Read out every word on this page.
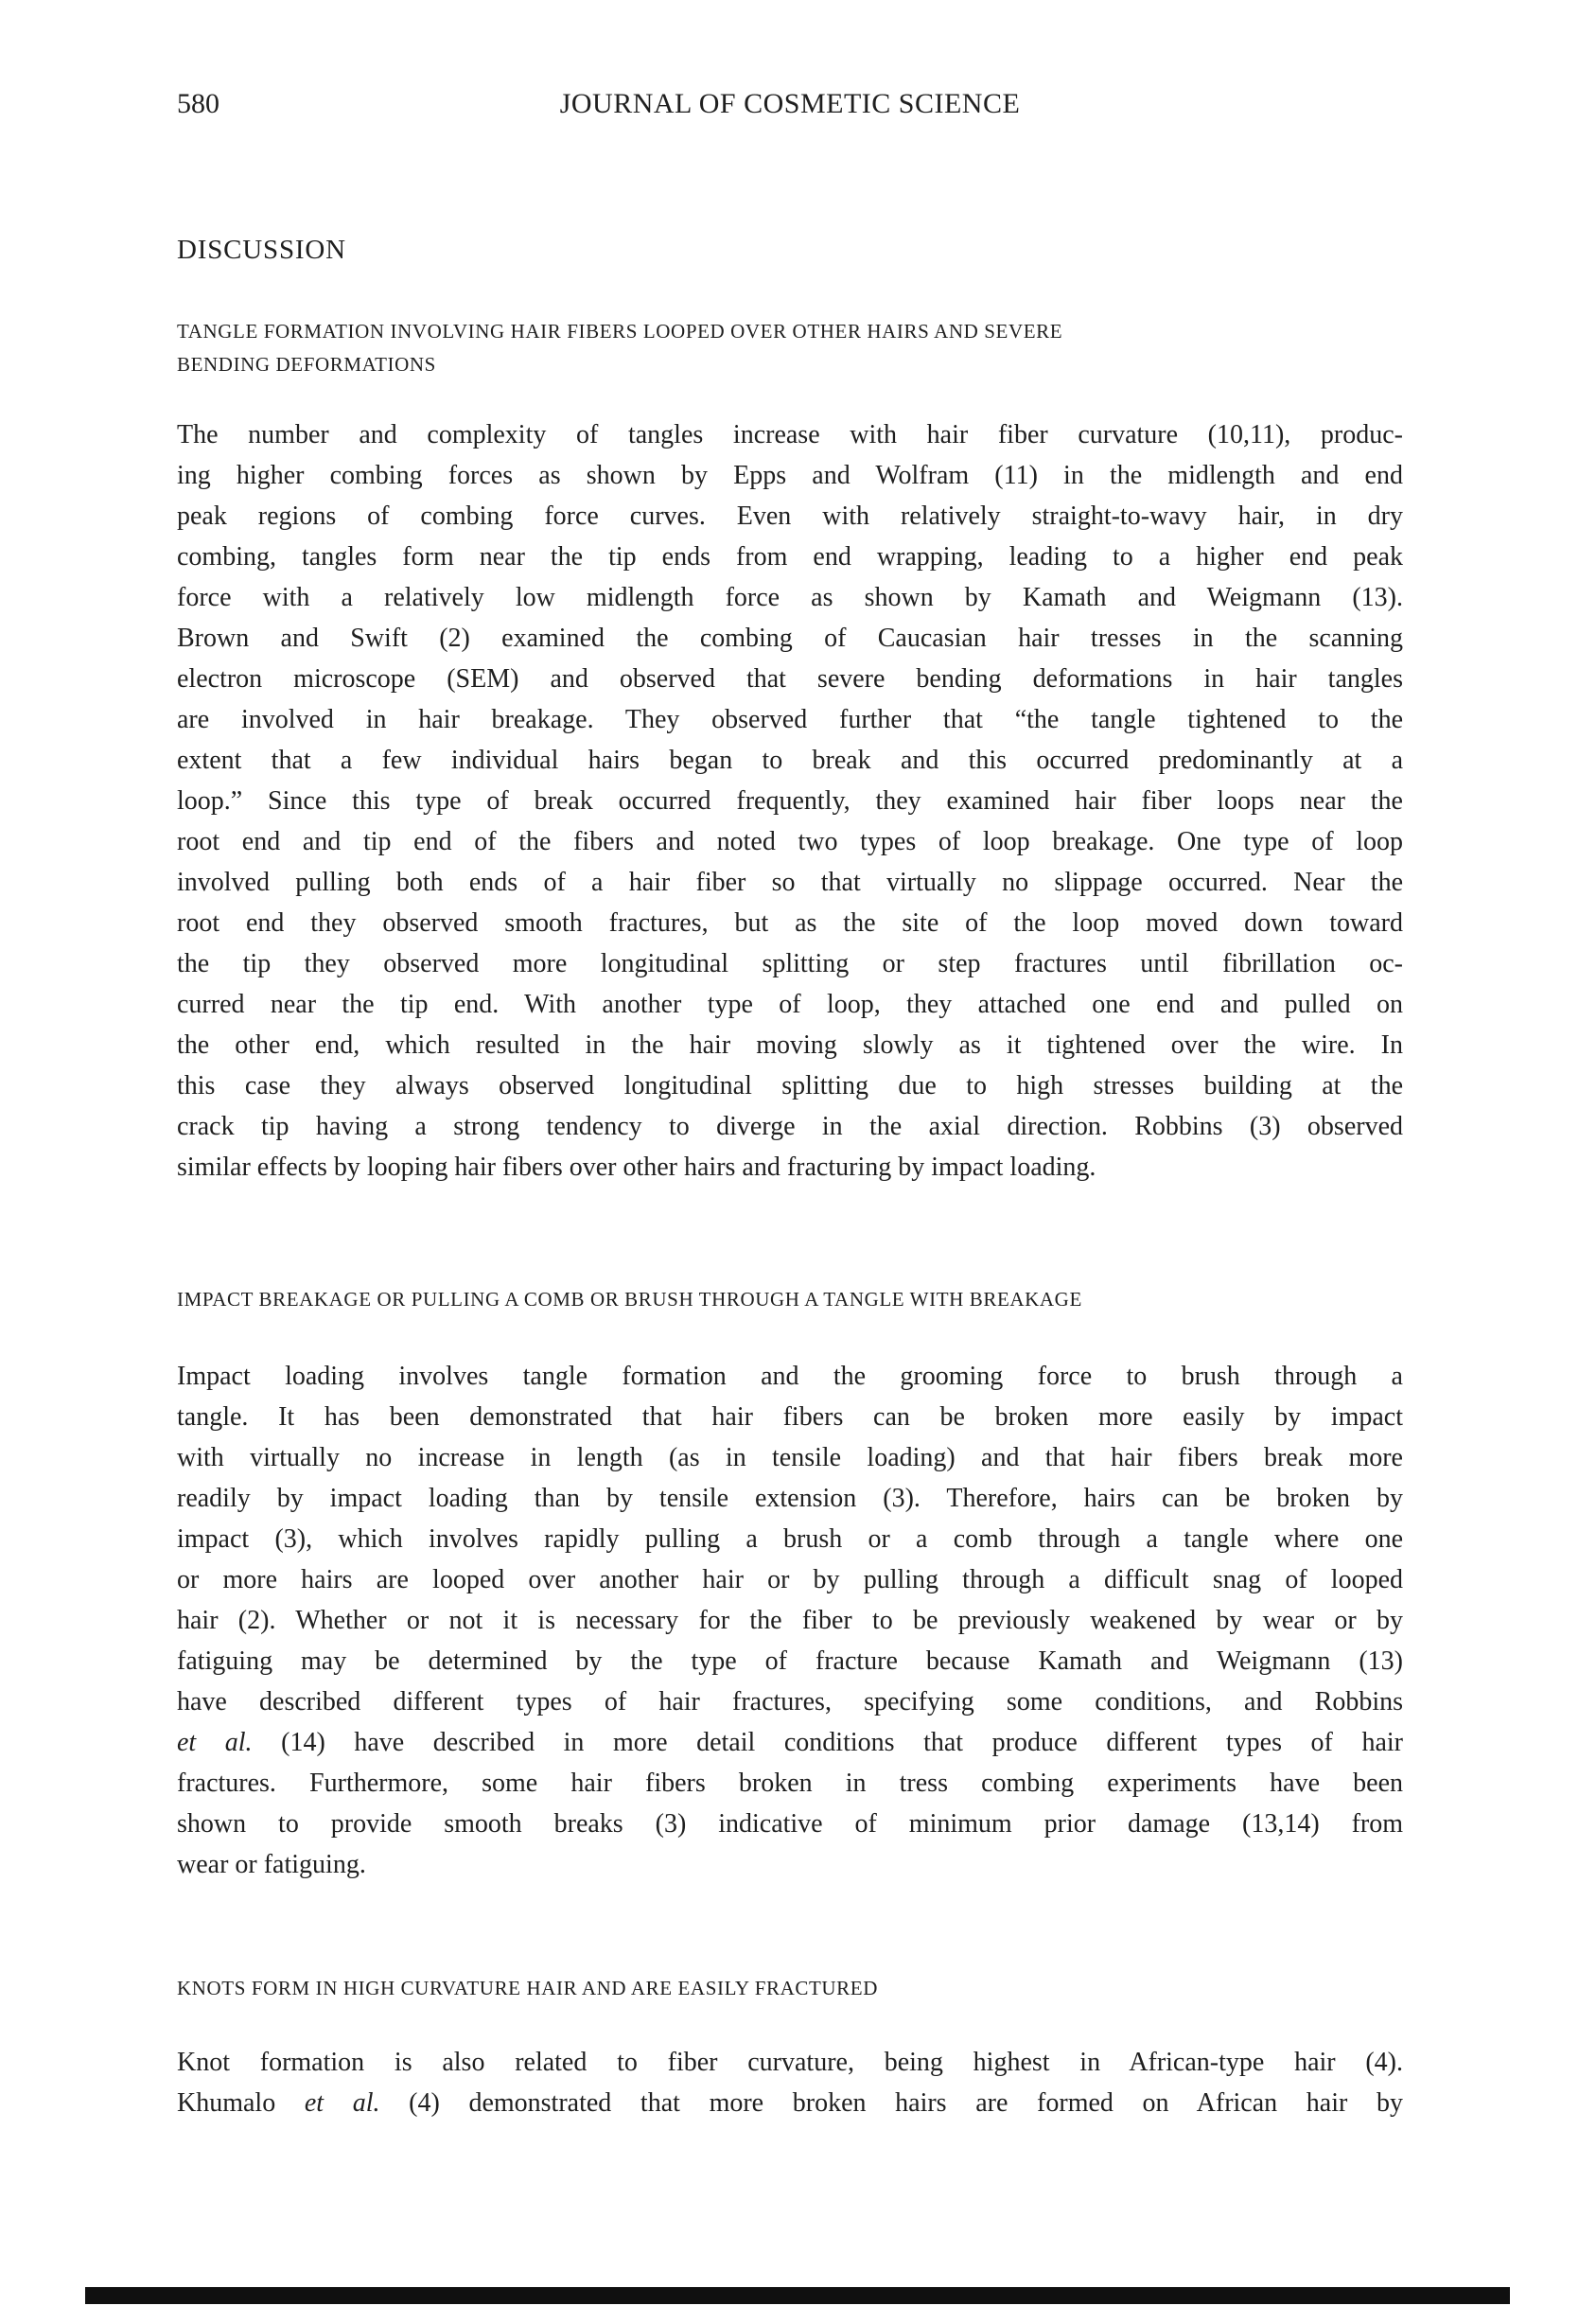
580	JOURNAL OF COSMETIC SCIENCE
DISCUSSION
TANGLE FORMATION INVOLVING HAIR FIBERS LOOPED OVER OTHER HAIRS AND SEVERE
BENDING DEFORMATIONS
The number and complexity of tangles increase with hair fiber curvature (10,11), produc-
ing higher combing forces as shown by Epps and Wolfram (11) in the midlength and end
peak regions of combing force curves. Even with relatively straight-to-wavy hair, in dry
combing, tangles form near the tip ends from end wrapping, leading to a higher end peak
force with a relatively low midlength force as shown by Kamath and Weigmann (13).
Brown and Swift (2) examined the combing of Caucasian hair tresses in the scanning
electron microscope (SEM) and observed that severe bending deformations in hair tangles
are involved in hair breakage. They observed further that “the tangle tightened to the
extent that a few individual hairs began to break and this occurred predominantly at a
loop.” Since this type of break occurred frequently, they examined hair fiber loops near the
root end and tip end of the fibers and noted two types of loop breakage. One type of loop
involved pulling both ends of a hair fiber so that virtually no slippage occurred. Near the
root end they observed smooth fractures, but as the site of the loop moved down toward
the tip they observed more longitudinal splitting or step fractures until fibrillation oc-
curred near the tip end. With another type of loop, they attached one end and pulled on
the other end, which resulted in the hair moving slowly as it tightened over the wire. In
this case they always observed longitudinal splitting due to high stresses building at the
crack tip having a strong tendency to diverge in the axial direction. Robbins (3) observed
similar effects by looping hair fibers over other hairs and fracturing by impact loading.
IMPACT BREAKAGE OR PULLING A COMB OR BRUSH THROUGH A TANGLE WITH BREAKAGE
Impact loading involves tangle formation and the grooming force to brush through a
tangle. It has been demonstrated that hair fibers can be broken more easily by impact
with virtually no increase in length (as in tensile loading) and that hair fibers break more
readily by impact loading than by tensile extension (3). Therefore, hairs can be broken by
impact (3), which involves rapidly pulling a brush or a comb through a tangle where one
or more hairs are looped over another hair or by pulling through a difficult snag of looped
hair (2). Whether or not it is necessary for the fiber to be previously weakened by wear or by
fatiguing may be determined by the type of fracture because Kamath and Weigmann (13)
have described different types of hair fractures, specifying some conditions, and Robbins
et al. (14) have described in more detail conditions that produce different types of hair
fractures. Furthermore, some hair fibers broken in tress combing experiments have been
shown to provide smooth breaks (3) indicative of minimum prior damage (13,14) from
wear or fatiguing.
KNOTS FORM IN HIGH CURVATURE HAIR AND ARE EASILY FRACTURED
Knot formation is also related to fiber curvature, being highest in African-type hair (4).
Khumalo et al. (4) demonstrated that more broken hairs are formed on African hair by
